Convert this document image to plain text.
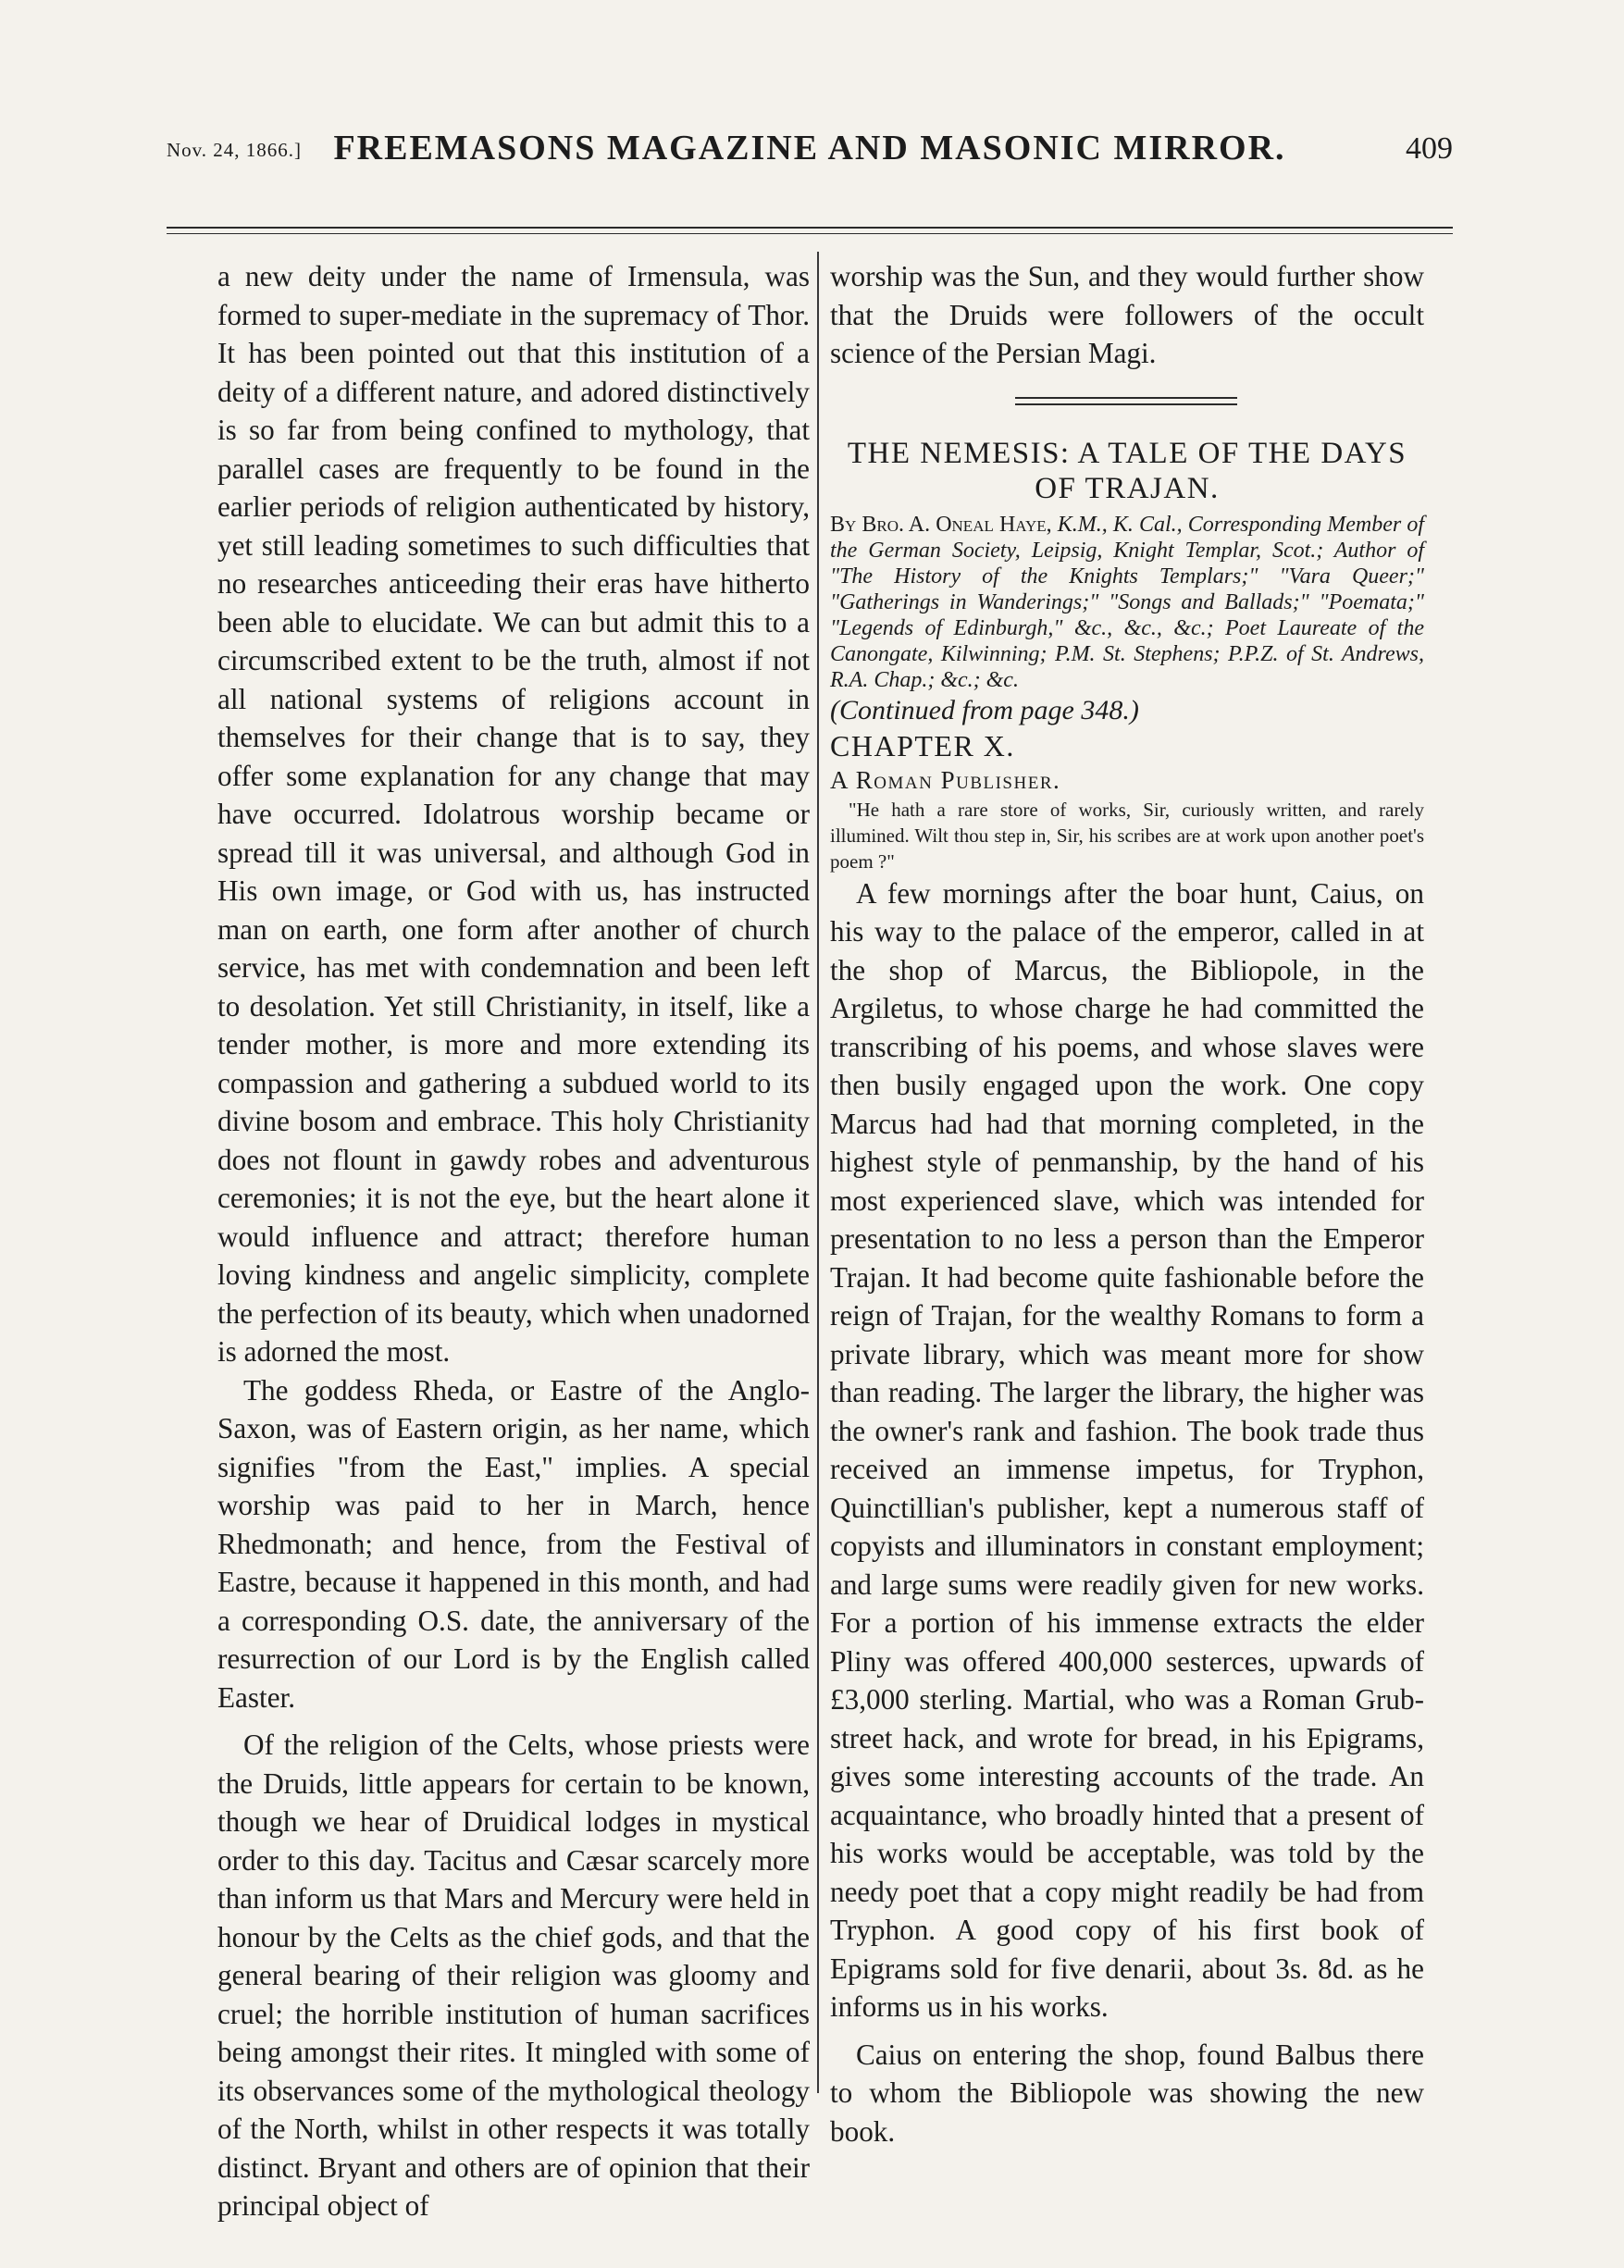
Nov. 24, 1866.] FREEMASONS MAGAZINE AND MASONIC MIRROR.	409

a new deity under the name of Irmensula, was formed to super-mediate in the supremacy of Thor. It has been pointed out that this institution of a deity of a different nature, and adored distinctively is so far from being confined to mythology, that parallel cases are frequently to be found in the earlier periods of religion authenticated by history, yet still leading sometimes to such difficulties that no researches anticeeding their eras have hitherto been able to elucidate. We can but admit this to a circumscribed extent to be the truth, almost if not all national systems of religions account in themselves for their change that is to say, they offer some explanation for any change that may have occurred. Idolatrous worship became or spread till it was universal, and although God in His own image, or God with us, has instructed man on earth, one form after another of church service, has met with condemnation and been left to desolation. Yet still Christianity, in itself, like a tender mother, is more and more extending its compassion and gathering a subdued world to its divine bosom and embrace. This holy Christianity does not flount in gawdy robes and adventurous ceremonies; it is not the eye, but the heart alone it would influence and attract; therefore human loving kindness and angelic simplicity, complete the perfection of its beauty, which when unadorned is adorned the most.

The goddess Rheda, or Eastre of the Anglo-Saxon, was of Eastern origin, as her name, which signifies "from the East," implies. A special worship was paid to her in March, hence Rhedmonath; and hence, from the Festival of Eastre, because it happened in this month, and had a corresponding O.S. date, the anniversary of the resurrection of our Lord is by the English called Easter.

Of the religion of the Celts, whose priests were the Druids, little appears for certain to be known, though we hear of Druidical lodges in mystical order to this day. Tacitus and Cæsar scarcely more than inform us that Mars and Mercury were held in honour by the Celts as the chief gods, and that the general bearing of their religion was gloomy and cruel; the horrible institution of human sacrifices being amongst their rites. It mingled with some of its observances some of the mythological theology of the North, whilst in other respects it was totally distinct. Bryant and others are of opinion that their principal object of

worship was the Sun, and they would further show that the Druids were followers of the occult science of the Persian Magi.

THE NEMESIS: A TALE OF THE DAYS OF TRAJAN.

By Bro. A. Oneal Haye, K.M., K. Cal., Corresponding Member of the German Society, Leipsig, Knight Templar, Scot.; Author of "The History of the Knights Templars;" "Vara Queer;" "Gatherings in Wanderings;" "Songs and Ballads;" "Poemata;" "Legends of Edinburgh," &c., &c., &c.; Poet Laureate of the Canongate, Kilwinning; P.M. St. Stephens; P.P.Z. of St. Andrews, R.A. Chap.; &c.; &c.

(Continued from page 348.)

CHAPTER X.

A Roman Publisher.

"He hath a rare store of works, Sir, curiously written, and rarely illumined. Wilt thou step in, Sir, his scribes are at work upon another poet's poem ?"

A few mornings after the boar hunt, Caius, on his way to the palace of the emperor, called in at the shop of Marcus, the Bibliopole, in the Argiletus, to whose charge he had committed the transcribing of his poems, and whose slaves were then busily engaged upon the work. One copy Marcus had had that morning completed, in the highest style of penmanship, by the hand of his most experienced slave, which was intended for presentation to no less a person than the Emperor Trajan. It had become quite fashionable before the reign of Trajan, for the wealthy Romans to form a private library, which was meant more for show than reading. The larger the library, the higher was the owner's rank and fashion. The book trade thus received an immense impetus, for Tryphon, Quinctillian's publisher, kept a numerous staff of copyists and illuminators in constant employment; and large sums were readily given for new works. For a portion of his immense extracts the elder Pliny was offered 400,000 sesterces, upwards of £3,000 sterling. Martial, who was a Roman Grub-street hack, and wrote for bread, in his Epigrams, gives some interesting accounts of the trade. An acquaintance, who broadly hinted that a present of his works would be acceptable, was told by the needy poet that a copy might readily be had from Tryphon. A good copy of his first book of Epigrams sold for five denarii, about 3s. 8d. as he informs us in his works.

Caius on entering the shop, found Balbus there to whom the Bibliopole was showing the new book.
